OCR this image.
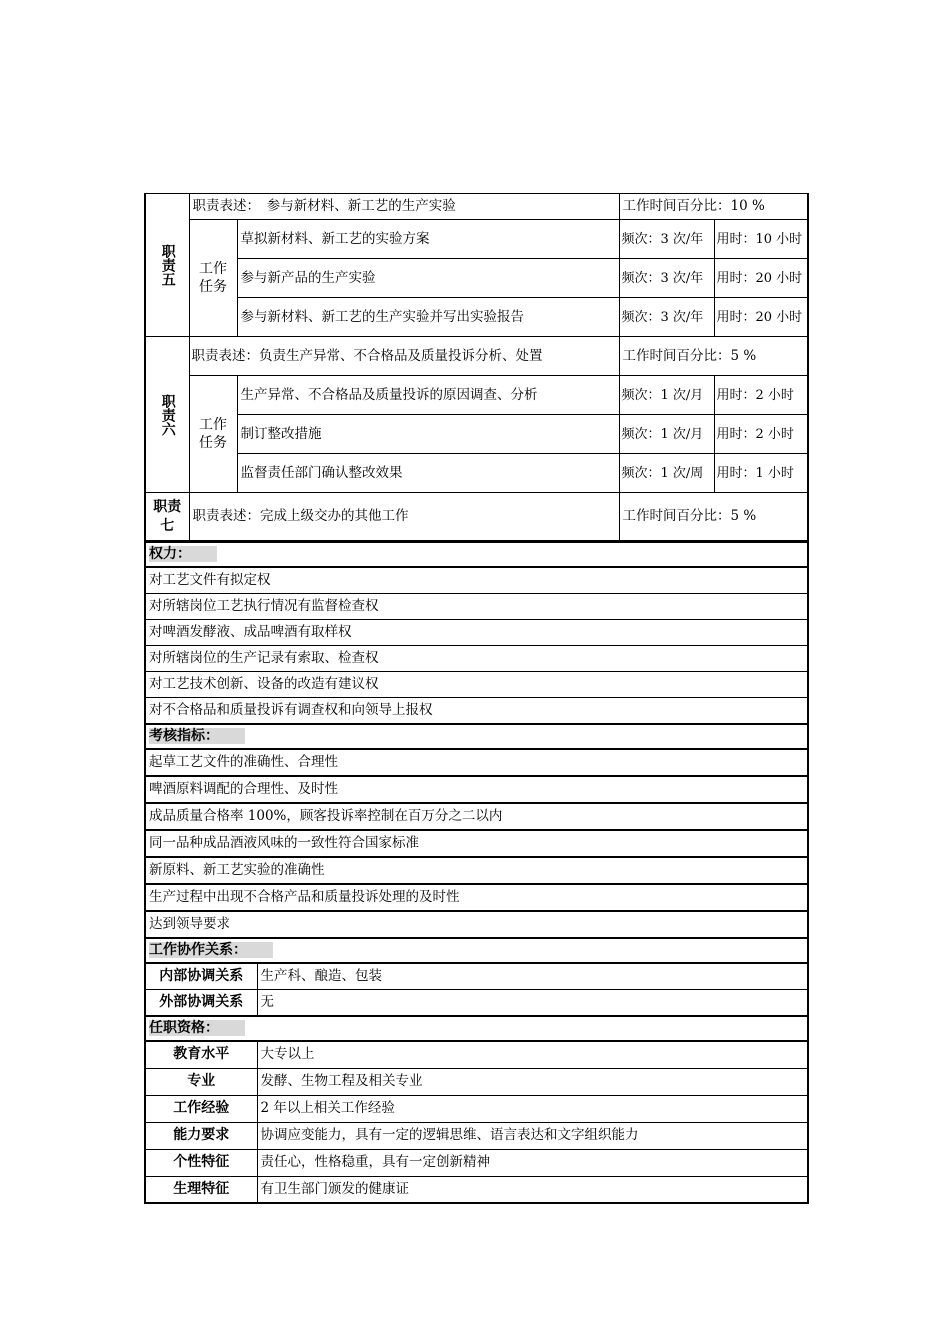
职责五	职责表述：　参与新材料、新工艺的生产实验		工作时间百分比：10 %	

	工作任务	草拟新材料、新工艺的实验方案	频次：3 次/年	用时：10 小时
		参与新产品的生产实验	频次：3 次/年	用时：20 小时
		参与新材料、新工艺的生产实验并写出实验报告	频次：3 次/年	用时：20 小时
职责六	职责表述：负责生产异常、不合格品及质量投诉分析、处置		工作时间百分比：5 %	

	工作任务	生产异常、不合格品及质量投诉的原因调查、分析	频次：1 次/月	用时：2 小时
		制订整改措施	频次：1 次/月	用时：2 小时
		监督责任部门确认整改效果	频次：1 次/周	用时：1 小时

职责七	职责表述：完成上级交办的其他工作		工作时间百分比：5 %	
权力：	
对工艺文件有拟定权	
对所辖岗位工艺执行情况有监督检查权	
对啤酒发酵液、成品啤酒有取样权	
对所辖岗位的生产记录有索取、检查权	
对工艺技术创新、设备的改造有建议权	
对不合格品和质量投诉有调查权和向领导上报权	
考核指标：	
起草工艺文件的准确性、合理性	
啤酒原料调配的合理性、及时性	
成品质量合格率 100%，顾客投诉率控制在百万分之二以内	
同一品种成品酒液风味的一致性符合国家标准	
新原料、新工艺实验的准确性	
生产过程中出现不合格产品和质量投诉处理的及时性	
达到领导要求	
工作协作关系：	
内部协调关系	生产科、酿造、包装
外部协调关系	无
任职资格：	
教育水平	大专以上
专业	发酵、生物工程及相关专业
工作经验	2 年以上相关工作经验
能力要求	协调应变能力，具有一定的逻辑思维、语言表达和文字组织能力
个性特征	责任心，性格稳重，具有一定创新精神
生理特征	有卫生部门颁发的健康证
